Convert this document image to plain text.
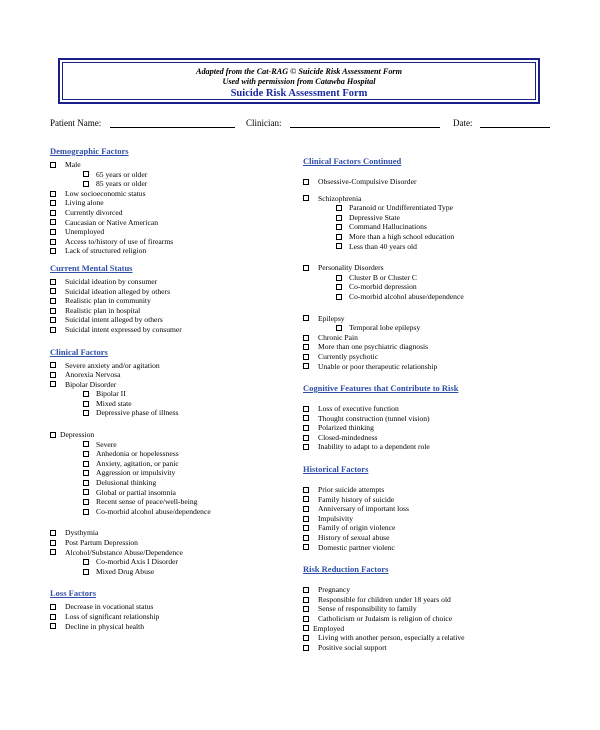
Adapted from the Cat-RAG © Suicide Risk Assessment Form
Used with permission from Catawba Hospital
Suicide Risk Assessment Form
Patient Name:	Clinician:	Date:
Demographic Factors
Male
65 years or older
85 years or older
Low socioeconomic status
Living alone
Currently divorced
Caucasian or Native American
Unemployed
Access to/history of use of firearms
Lack of structured religion
Current Mental Status
Suicidal ideation by consumer
Suicidal ideation alleged by others
Realistic plan in community
Realistic plan in hospital
Suicidal intent alleged by others
Suicidal intent expressed by consumer
Clinical Factors
Severe anxiety and/or agitation
Anorexia Nervosa
Bipolar Disorder
Bipolar II
Mixed state
Depressive phase of illness
Depression
Severe
Anhedonia or hopelessness
Anxiety, agitation, or panic
Aggression or impulsivity
Delusional thinking
Global or partial insomnia
Recent sense of peace/well-being
Co-morbid alcohol abuse/dependence
Dysthymia
Post Partum Depression
Alcohol/Substance Abuse/Dependence
Co-morbid Axis I Disorder
Mixed Drug Abuse
Loss Factors
Decrease in vocational status
Loss of significant relationship
Decline in physical health
Clinical Factors Continued
Obsessive-Compulsive Disorder
Schizophrenia
Paranoid or Undifferentiated Type
Depressive State
Command Hallucinations
More than a high school education
Less than 40 years old
Personality Disorders
Cluster B or Cluster C
Co-morbid depression
Co-morbid alcohol abuse/dependence
Epilepsy
Temporal lobe epilepsy
Chronic Pain
More than one psychiatric diagnosis
Currently psychotic
Unable or poor therapeutic relationship
Cognitive Features that Contribute to Risk
Loss of executive function
Thought construction (tunnel vision)
Polarized thinking
Closed-mindedness
Inability to adapt to a dependent role
Historical Factors
Prior suicide attempts
Family history of suicide
Anniversary of important loss
Impulsivity
Family of origin violence
History of sexual abuse
Domestic partner violenc
Risk Reduction Factors
Pregnancy
Responsible for children under 18 years old
Sense of responsibility to family
Catholicism or Judaism is religion of choice
Employed
Living with another person, especially a relative
Positive social support
